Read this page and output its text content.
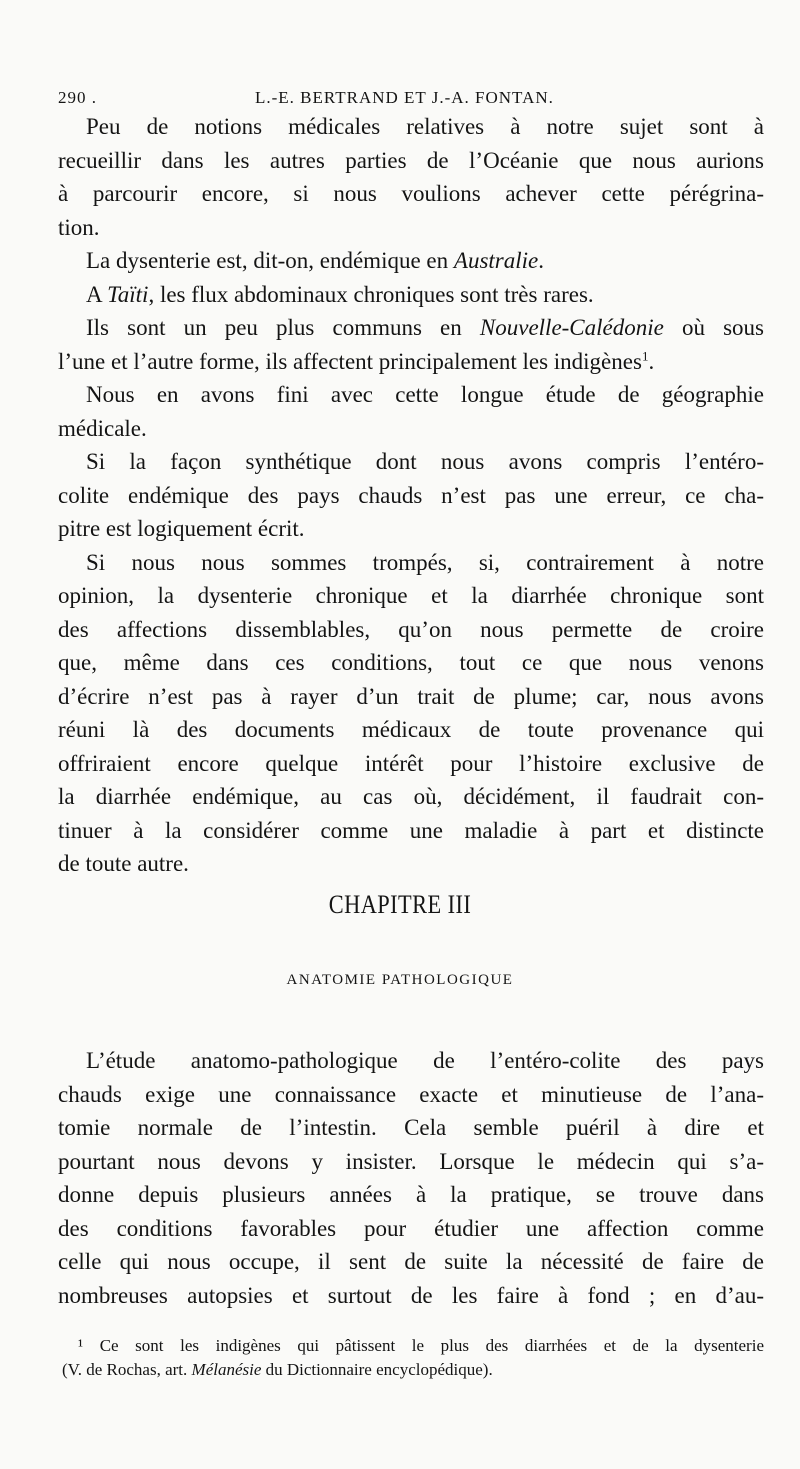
290 .	L.-E. BERTRAND ET J.-A. FONTAN.
Peu de notions médicales relatives à notre sujet sont à
recueillir dans les autres parties de l’Océanie que nous aurions
à parcourir encore, si nous voulions achever cette pérégrina-
tion.
La dysenterie est, dit-on, endémique en Australie.
A Taïti, les flux abdominaux chroniques sont très rares.
Ils sont un peu plus communs en Nouvelle-Calédonie où sous
l’une et l’autre forme, ils affectent principalement les indigènes$^1$.
Nous en avons fini avec cette longue étude de géographie
médicale.
Si la façon synthétique dont nous avons compris l’entéro-
colite endémique des pays chauds n’est pas une erreur, ce cha-
pitre est logiquement écrit.
Si nous nous sommes trompés, si, contrairement à notre
opinion, la dysenterie chronique et la diarrhée chronique sont
des affections dissemblables, qu’on nous permette de croire
que, même dans ces conditions, tout ce que nous venons
d’écrire n’est pas à rayer d’un trait de plume; car, nous avons
réuni là des documents médicaux de toute provenance qui
offriraient encore quelque intérêt pour l’histoire exclusive de
la diarrhée endémique, au cas où, décidément, il faudrait con-
tinuer à la considérer comme une maladie à part et distincte
de toute autre.
CHAPITRE III
ANATOMIE PATHOLOGIQUE
L’étude anatomo-pathologique de l’entéro-colite des pays
chauds exige une connaissance exacte et minutieuse de l’ana-
tomie normale de l’intestin. Cela semble puéril à dire et
pourtant nous devons y insister. Lorsque le médecin qui s’a-
donne depuis plusieurs années à la pratique, se trouve dans
des conditions favorables pour étudier une affection comme
celle qui nous occupe, il sent de suite la nécessité de faire de
nombreuses autopsies et surtout de les faire à fond ; en d’au-
¹ Ce sont les indigènes qui pâtissent le plus des diarrhées et de la dysenterie
(V. de Rochas, art. Mélanésie du Dictionnaire encyclopédique).
